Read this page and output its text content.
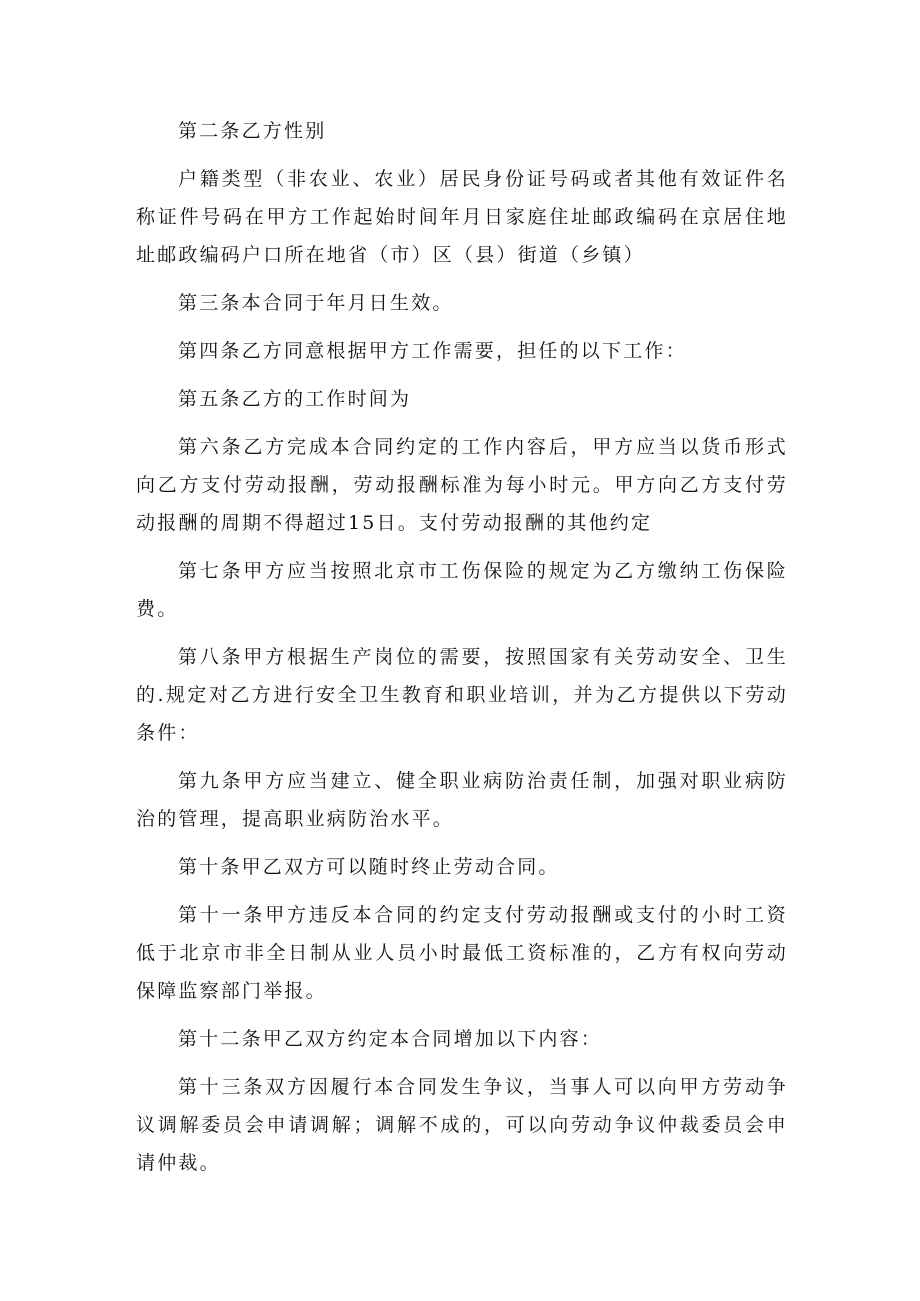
第二条乙方性别

户籍类型（非农业、农业）居民身份证号码或者其他有效证件名称证件号码在甲方工作起始时间年月日家庭住址邮政编码在京居住地址邮政编码户口所在地省（市）区（县）街道（乡镇）

第三条本合同于年月日生效。

第四条乙方同意根据甲方工作需要，担任的以下工作：

第五条乙方的工作时间为

第六条乙方完成本合同约定的工作内容后，甲方应当以货币形式向乙方支付劳动报酬，劳动报酬标准为每小时元。甲方向乙方支付劳动报酬的周期不得超过15日。支付劳动报酬的其他约定

第七条甲方应当按照北京市工伤保险的规定为乙方缴纳工伤保险费。

第八条甲方根据生产岗位的需要，按照国家有关劳动安全、卫生的.规定对乙方进行安全卫生教育和职业培训，并为乙方提供以下劳动条件：

第九条甲方应当建立、健全职业病防治责任制，加强对职业病防治的管理，提高职业病防治水平。

第十条甲乙双方可以随时终止劳动合同。

第十一条甲方违反本合同的约定支付劳动报酬或支付的小时工资低于北京市非全日制从业人员小时最低工资标准的，乙方有权向劳动保障监察部门举报。

第十二条甲乙双方约定本合同增加以下内容：

第十三条双方因履行本合同发生争议，当事人可以向甲方劳动争议调解委员会申请调解；调解不成的，可以向劳动争议仲裁委员会申请仲裁。
